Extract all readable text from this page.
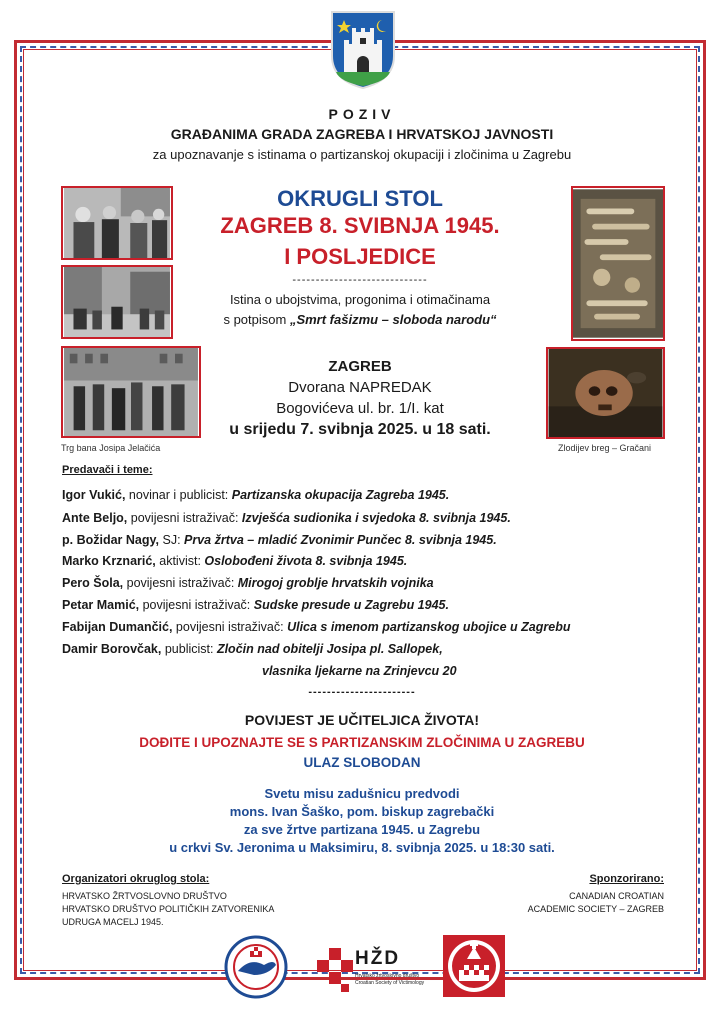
POZIV
GRAĐANIMA GRADA ZAGREBA I HRVATSKOJ JAVNOSTI
za upoznavanje s istinama o partizanskoj okupaciji i zločinima u Zagrebu
OKRUGLI STOL
ZAGREB 8. SVIBNJA 1945.
I POSLJEDICE
-----------------------------
Istina o ubojstvima, progonima i otimačinama
s potpisom „Smrt fašizmu – sloboda narodu“
ZAGREB
Dvorana NAPREDAK
Bogovićeva ul. br. 1/I. kat
u srijedu 7. svibnja 2025. u 18 sati.
Trg bana Josipa Jelačića	Zlodijev breg – Gračani
Predavači i teme:
Igor Vukić, novinar i publicist: Partizanska okupacija Zagreba 1945.
Ante Beljo, povijesni istraživač: Izvješća sudionika i svjedoka 8. svibnja 1945.
p. Božidar Nagy, SJ: Prva žrtva – mladić Zvonimir Punčec 8. svibnja 1945.
Marko Krznarić, aktivist: Oslobođeni života 8. svibnja 1945.
Pero Šola, povijesni istraživač: Mirogoj groblje hrvatskih vojnika
Petar Mamić, povijesni istraživač: Sudske presude u Zagrebu 1945.
Fabijan Dumančić, povijesni istraživač: Ulica s imenom partizanskog ubojice u Zagrebu
Damir Borovčak, publicist: Zločin nad obitelji Josipa pl. Sallopek,
vlasnika ljekarne na Zrinjevcu 20
-----------------------
POVIJEST JE UČITELJICA ŽIVOTA!
DOĐITE I UPOZNAJTE SE S PARTIZANSKIM ZLOČINIMA U ZAGREBU
ULAZ SLOBODAN
Svetu misu zadušnicu predvodi
mons. Ivan Šaško, pom. biskup zagrebački
za sve žrtve partizana 1945. u Zagrebu
u crkvi Sv. Jeronima u Maksimiru, 8. svibnja 2025. u 18:30 sati.
Organizatori okruglog stola:
HRVATSKO ŽRTVOSLOVNO DRUŠTVO
HRVATSKO DRUŠTVO POLITIČKIH ZATVORENIKA
UDRUGA MACELJ 1945.
Sponzorirano:
CANADIAN CROATIAN
ACADEMIC SOCIETY – ZAGREB
HŽD
Hrvatsko žrtvoslovno društvo
Croatian Society of Victimology
